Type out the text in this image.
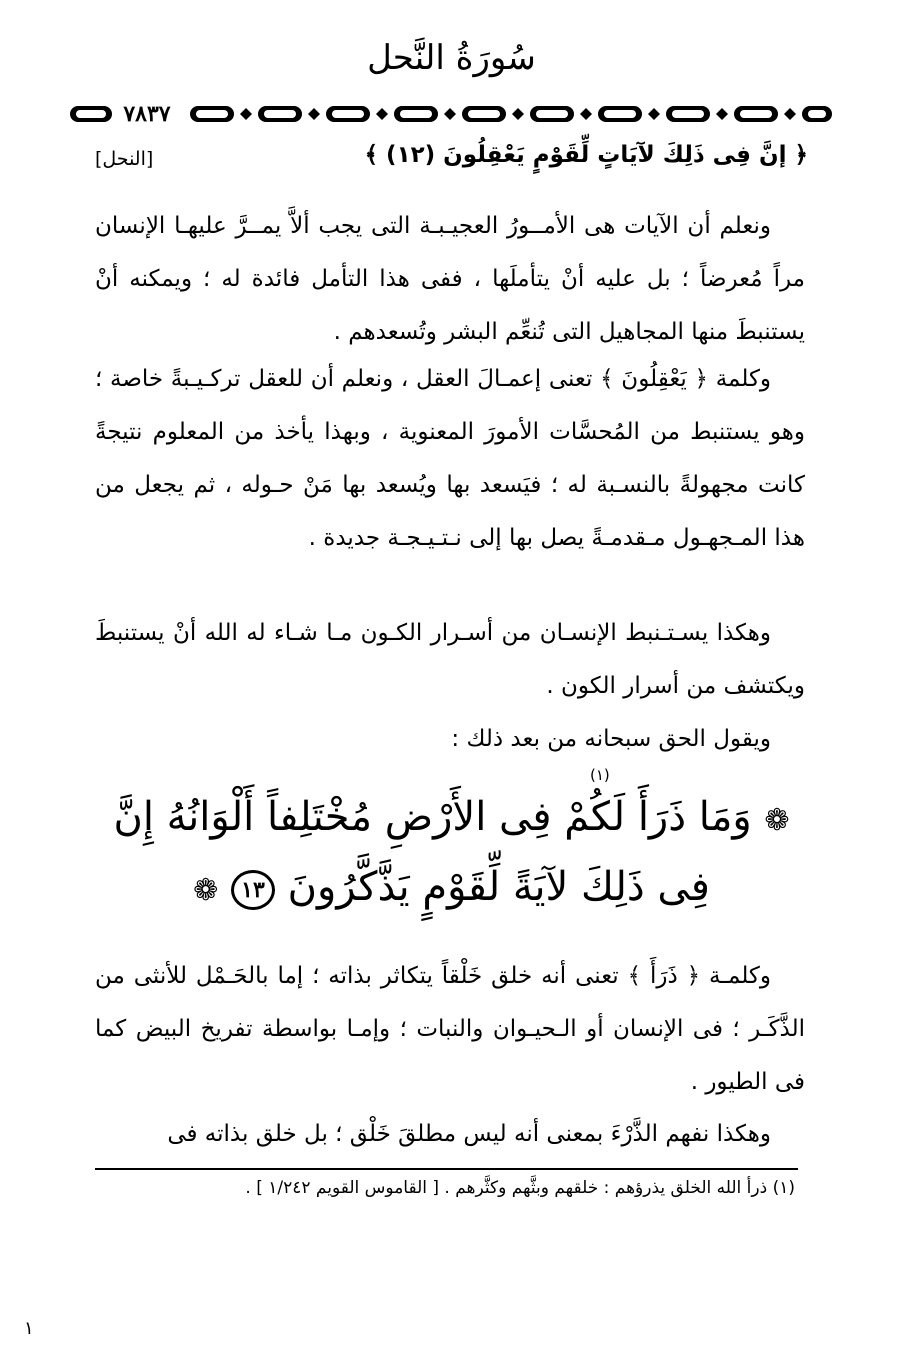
سُورَةُ النَّحل
٧٨٣٧
﴿ إنَّ فِى ذَلِكَ لآيَاتٍ لِّقَوْمٍ يَعْقِلُونَ (١٢) ﴾
[النحل]

ونعلم أن الآيات هى الأمــورُ العجيـبـة التى يجب ألاَّ يمــرَّ عليهـا الإنسان مراً مُعرضاً ؛ بل عليه أنْ يتأملَها ، ففى هذا التأمل فائدة له ؛ ويمكنه أنْ يستنبطَ منها المجاهيل التى تُنعِّم البشر وتُسعدهم .

وكلمة ﴿ يَعْقِلُونَ ﴾ تعنى إعمـالَ العقل ، ونعلم أن للعقل تركـيـبةً خاصة ؛ وهو يستنبط من المُحسَّات الأمورَ المعنوية ، وبهذا يأخذ من المعلوم نتيجةً كانت مجهولةً بالنسـبة له ؛ فيَسعد بها ويُسعد بها مَنْ حـوله ، ثم يجعل من هذا المـجهـول مـقدمـةً يصل بها إلى نـتـيـجـة جديدة .

وهكذا يسـتـنبط الإنسـان من أسـرار الكـون مـا شـاء له الله أنْ يستنبطَ ويكتشف من أسرار الكون .

ويقول الحق سبحانه من بعد ذلك :

(١)
❁ وَمَا ذَرَأَ لَكُمْ فِى الأَرْضِ مُخْتَلِفاً أَلْوَانُهُ إِنَّ
فِى ذَلِكَ لآيَةً لِّقَوْمٍ يَذَّكَّرُونَ ١٣ ❁

وكلمـة ﴿ ذَرَأَ ﴾ تعنى أنه خلق خَلْقاً يتكاثر بذاته ؛ إما بالحَـمْل للأنثى من الذَّكَـر ؛ فى الإنسان أو الـحيـوان والنبات ؛ وإمـا بواسطة تفريخ البيض كما فى الطيور .

وهكذا نفهم الذَّرْءَ بمعنى أنه ليس مطلقَ خَلْق ؛ بل خلق بذاته فى

(١) ذرأ الله الخلق يذرؤهم : خلقهم وبثَّهم وكثَّرهم . [ القاموس القويم ١/٢٤٢ ] .
١
